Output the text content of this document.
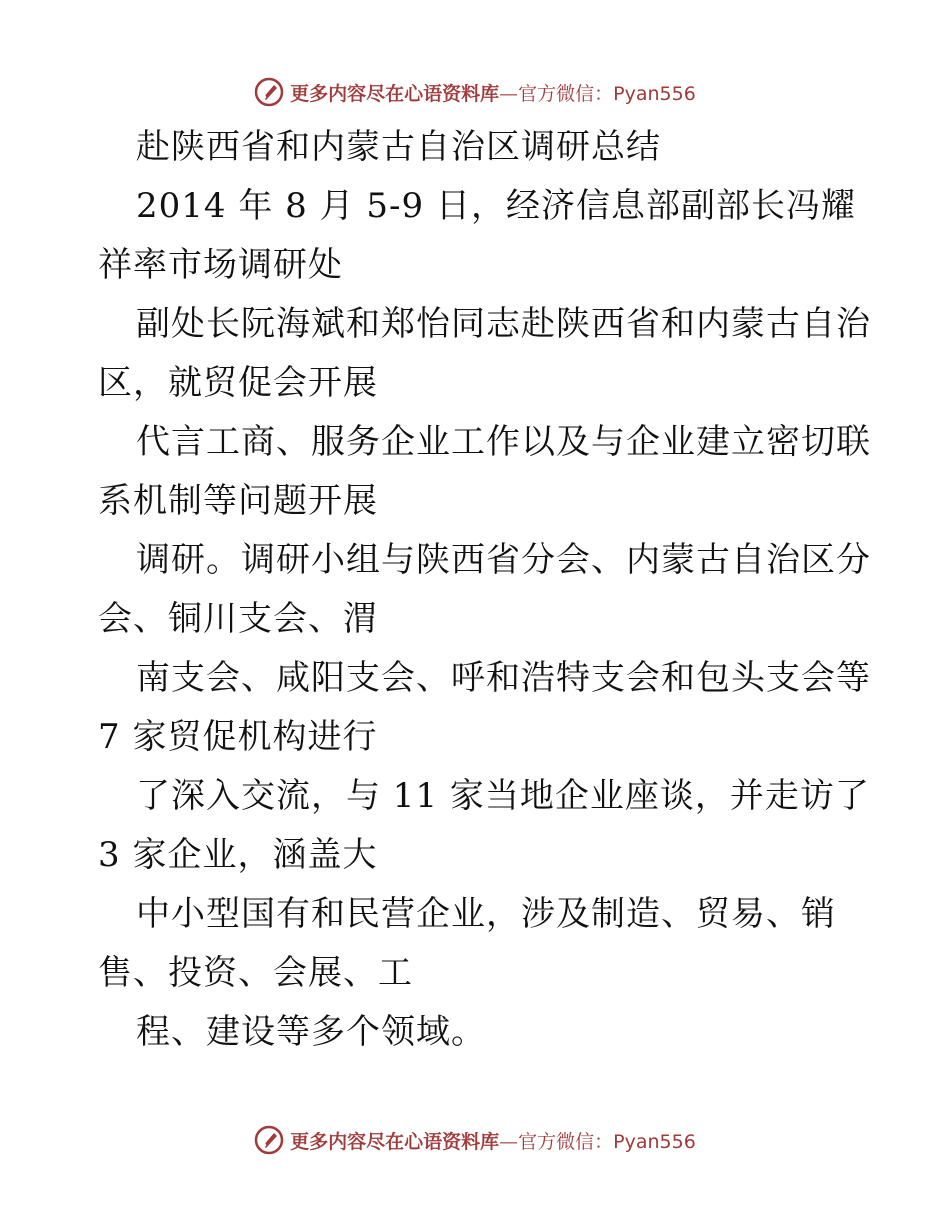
更多内容尽在心语资料库—官方微信：Pyan556
赴陕西省和内蒙古自治区调研总结
2014 年 8 月 5-9 日，经济信息部副部长冯耀
祥率市场调研处
副处长阮海斌和郑怡同志赴陕西省和内蒙古自治
区，就贸促会开展
代言工商、服务企业工作以及与企业建立密切联
系机制等问题开展
调研。调研小组与陕西省分会、内蒙古自治区分
会、铜川支会、渭
南支会、咸阳支会、呼和浩特支会和包头支会等
7 家贸促机构进行
了深入交流，与 11 家当地企业座谈，并走访了
3 家企业，涵盖大
中小型国有和民营企业，涉及制造、贸易、销
售、投资、会展、工
程、建设等多个领域。
更多内容尽在心语资料库—官方微信：Pyan556
